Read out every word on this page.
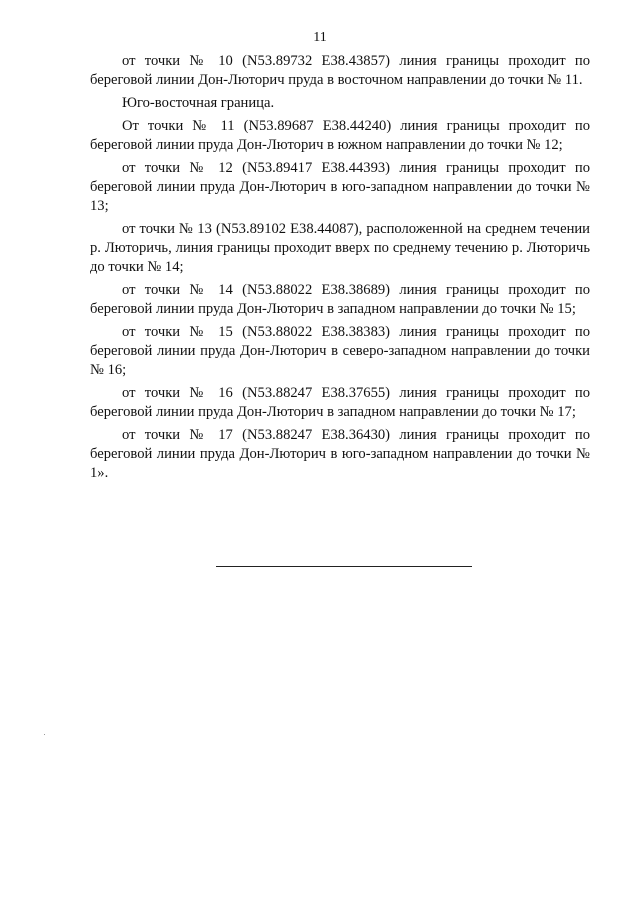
11

от точки № 10 (N53.89732 E38.43857) линия границы проходит по береговой линии Дон-Люторич пруда в восточном направлении до точки № 11.

Юго-восточная граница.

От точки № 11 (N53.89687 E38.44240) линия границы проходит по береговой линии пруда Дон-Люторич в южном направлении до точки № 12;

от точки № 12 (N53.89417 E38.44393) линия границы проходит по береговой линии пруда Дон-Люторич в юго-западном направлении до точки № 13;

от точки № 13 (N53.89102 E38.44087), расположенной на среднем течении р. Люторичь, линия границы проходит вверх по среднему течению р. Люторичь до точки № 14;

от точки № 14 (N53.88022 E38.38689) линия границы проходит по береговой линии пруда Дон-Люторич в западном направлении до точки № 15;

от точки № 15 (N53.88022 E38.38383) линия границы проходит по береговой линии пруда Дон-Люторич в северо-западном направлении до точки № 16;

от точки № 16 (N53.88247 E38.37655) линия границы проходит по береговой линии пруда Дон-Люторич в западном направлении до точки № 17;

от точки № 17 (N53.88247 E38.36430) линия границы проходит по береговой линии пруда Дон-Люторич в юго-западном направлении до точки № 1».
